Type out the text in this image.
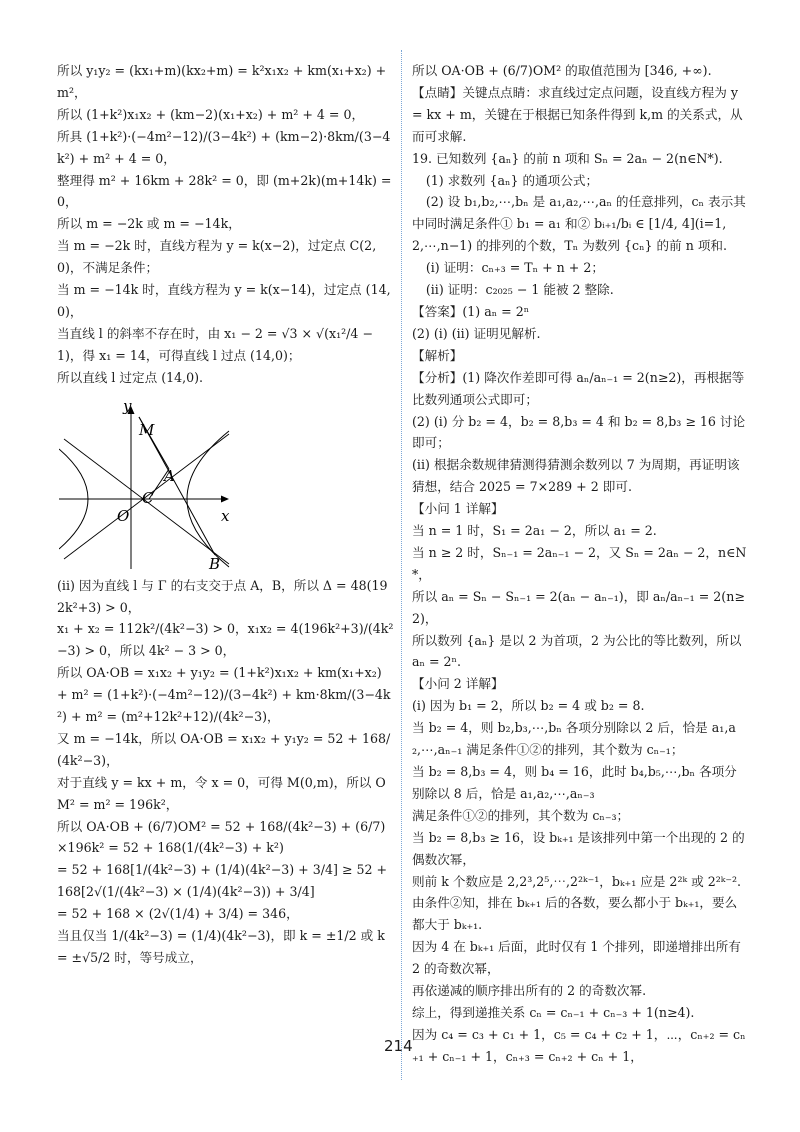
所以 y₁y₂ = (kx₁+m)(kx₂+m) = k²x₁x₂ + km(x₁+x₂) + m²，
所以 (1+k²)x₁x₂ + (km−2)(x₁+x₂) + m² + 4 = 0，
所具 (1+k²)·(−4m²−12)/(3−4k²) + (km−2)·8km/(3−4k²) + m² + 4 = 0，
整理得 m² + 16km + 28k² = 0，即 (m+2k)(m+14k) = 0，
所以 m = −2k 或 m = −14k，
当 m = −2k 时，直线方程为 y = k(x−2)，过定点 C(2,0)，不满足条件；
当 m = −14k 时，直线方程为 y = k(x−14)，过定点 (14,0)，
当直线 l 的斜率不存在时，由 x₁ − 2 = √3 × √(x₁²/4 − 1)，得 x₁ = 14，可得直线 l 过点 (14,0)；
所以直线 l 过定点 (14,0).
y
x
M
A
C
O
B
(ii) 因为直线 l 与 Γ 的右支交于点 A，B，所以 Δ = 48(192k²+3) > 0，
x₁ + x₂ = 112k²/(4k²−3) > 0，x₁x₂ = 4(196k²+3)/(4k²−3) > 0，所以 4k² − 3 > 0，
所以 OA·OB = x₁x₂ + y₁y₂ = (1+k²)x₁x₂ + km(x₁+x₂) + m² = (1+k²)·(−4m²−12)/(3−4k²) + km·8km/(3−4k²) + m² = (m²+12k²+12)/(4k²−3)，
又 m = −14k，所以 OA·OB = x₁x₂ + y₁y₂ = 52 + 168/(4k²−3)，
对于直线 y = kx + m，令 x = 0，可得 M(0,m)，所以 OM² = m² = 196k²，
所以 OA·OB + (6/7)OM² = 52 + 168/(4k²−3) + (6/7)×196k² = 52 + 168(1/(4k²−3) + k²)
= 52 + 168[1/(4k²−3) + (1/4)(4k²−3) + 3/4] ≥ 52 + 168[2√(1/(4k²−3) × (1/4)(4k²−3)) + 3/4]
= 52 + 168 × (2√(1/4) + 3/4) = 346，
当且仅当 1/(4k²−3) = (1/4)(4k²−3)，即 k = ±1/2 或 k = ±√5/2 时，等号成立，
所以 OA·OB + (6/7)OM² 的取值范围为 [346, +∞).
【点睛】关键点点睛：求直线过定点问题，设直线方程为 y = kx + m，关键在于根据已知条件得到 k,m 的关系式，从而可求解.
19. 已知数列 {aₙ} 的前 n 项和 Sₙ = 2aₙ − 2(n∈N*).
(1) 求数列 {aₙ} 的通项公式；
(2) 设 b₁,b₂,⋯,bₙ 是 a₁,a₂,⋯,aₙ 的任意排列，cₙ 表示其中同时满足条件① b₁ = a₁ 和② bᵢ₊₁/bᵢ ∈ [1/4, 4](i=1,2,⋯,n−1) 的排列的个数，Tₙ 为数列 {cₙ} 的前 n 项和.
(i) 证明：cₙ₊₃ = Tₙ + n + 2；
(ii) 证明：c₂₀₂₅ − 1 能被 2 整除.
【答案】(1) aₙ = 2ⁿ
(2) (i) (ii) 证明见解析.
【解析】
【分析】(1) 降次作差即可得 aₙ/aₙ₋₁ = 2(n≥2)，再根据等比数列通项公式即可；
(2) (i) 分 b₂ = 4，b₂ = 8,b₃ = 4 和 b₂ = 8,b₃ ≥ 16 讨论即可；
(ii) 根据余数规律猜测得猜测余数列以 7 为周期，再证明该猜想，结合 2025 = 7×289 + 2 即可.
【小问 1 详解】
当 n = 1 时，S₁ = 2a₁ − 2，所以 a₁ = 2.
当 n ≥ 2 时，Sₙ₋₁ = 2aₙ₋₁ − 2，又 Sₙ = 2aₙ − 2，n∈N*，
所以 aₙ = Sₙ − Sₙ₋₁ = 2(aₙ − aₙ₋₁)，即 aₙ/aₙ₋₁ = 2(n≥2)，
所以数列 {aₙ} 是以 2 为首项，2 为公比的等比数列，所以 aₙ = 2ⁿ.
【小问 2 详解】
(i) 因为 b₁ = 2，所以 b₂ = 4 或 b₂ = 8.
当 b₂ = 4，则 b₂,b₃,⋯,bₙ 各项分别除以 2 后，恰是 a₁,a₂,⋯,aₙ₋₁ 满足条件①②的排列，其个数为 cₙ₋₁；
当 b₂ = 8,b₃ = 4，则 b₄ = 16，此时 b₄,b₅,⋯,bₙ 各项分别除以 8 后，恰是 a₁,a₂,⋯,aₙ₋₃
满足条件①②的排列，其个数为 cₙ₋₃；
当 b₂ = 8,b₃ ≥ 16，设 bₖ₊₁ 是该排列中第一个出现的 2 的偶数次幂，
则前 k 个数应是 2,2³,2⁵,⋯,2²ᵏ⁻¹，bₖ₊₁ 应是 2²ᵏ 或 2²ᵏ⁻².
由条件②知，排在 bₖ₊₁ 后的各数，要么都小于 bₖ₊₁，要么都大于 bₖ₊₁.
因为 4 在 bₖ₊₁ 后面，此时仅有 1 个排列，即递增排出所有 2 的奇数次幂，
再依递减的顺序排出所有的 2 的奇数次幂.
综上，得到递推关系 cₙ = cₙ₋₁ + cₙ₋₃ + 1(n≥4).
因为 c₄ = c₃ + c₁ + 1，c₅ = c₄ + c₂ + 1，⋯，cₙ₊₂ = cₙ₊₁ + cₙ₋₁ + 1，cₙ₊₃ = cₙ₊₂ + cₙ + 1，
214
